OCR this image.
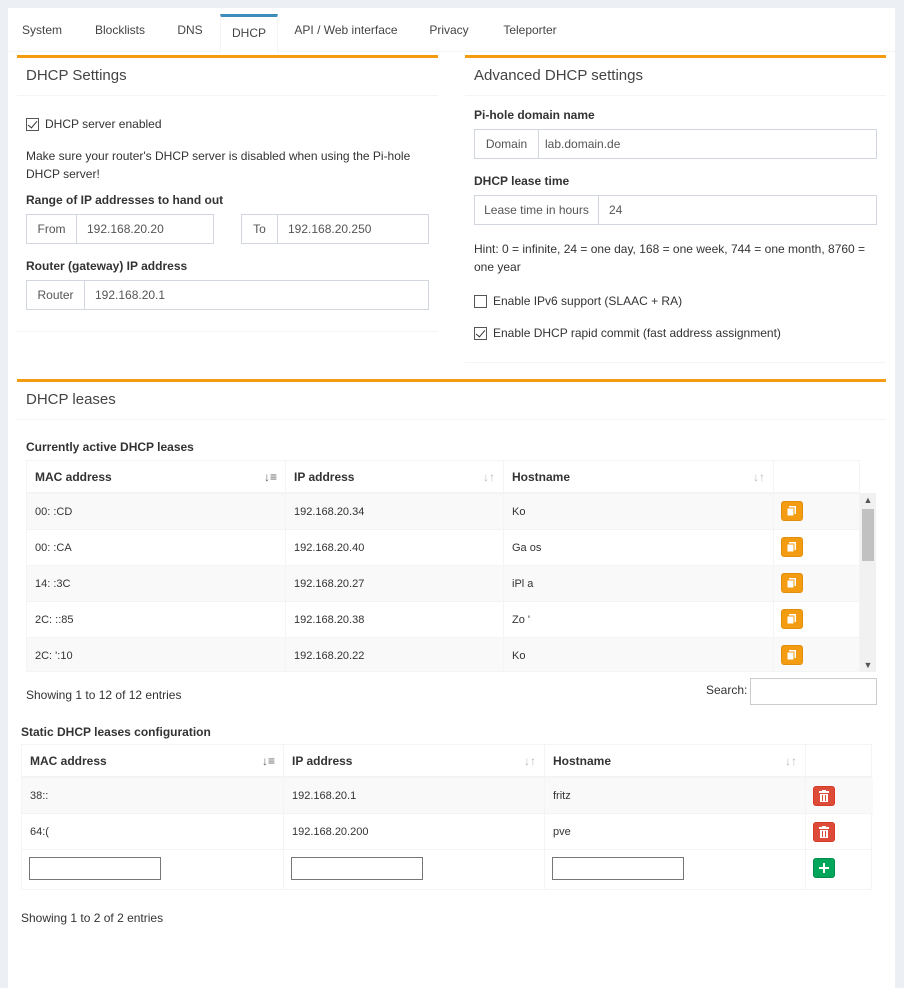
System	Blocklists	DNS	DHCP	API / Web interface	Privacy	Teleporter
DHCP Settings
DHCP server enabled
Make sure your router's DHCP server is disabled when using the Pi-hole DHCP server!
Range of IP addresses to hand out
From	192.168.20.20	To	192.168.20.250
Router (gateway) IP address
Router	192.168.20.1
Advanced DHCP settings
Pi-hole domain name
Domain	lab.domain.de
DHCP lease time
Lease time in hours	24
Hint: 0 = infinite, 24 = one day, 168 = one week, 744 = one month, 8760 = one year
Enable IPv6 support (SLAAC + RA)
Enable DHCP rapid commit (fast address assignment)
DHCP leases
Currently active DHCP leases
MAC address	↓≡	IP address	↓↑	Hostname	↓↑
00: :CD	192.168.20.34	Ko
00: :CA	192.168.20.40	Ga os
14: :3C	192.168.20.27	iPl a
2C: ::85	192.168.20.38	Zo '
2C: ':10	192.168.20.22	Ko
▲
▼
Showing 1 to 12 of 12 entries	Search:
Static DHCP leases configuration
MAC address	↓≡	IP address	↓↑	Hostname	↓↑
38::	192.168.20.1	fritz
64:(	192.168.20.200	pve
Showing 1 to 2 of 2 entries
